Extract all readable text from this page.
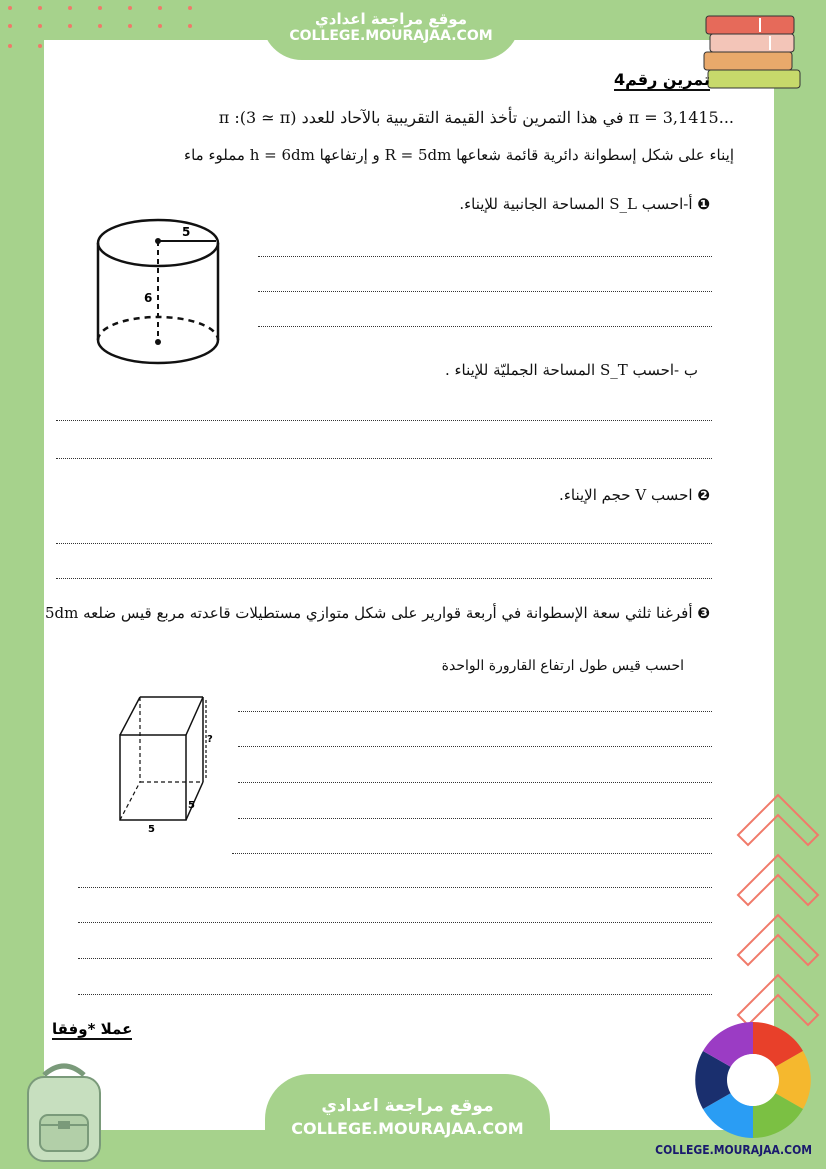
موقع مراجعة اعدادي
COLLEGE.MOURAJAA.COM
تمرين رقم4
...3,1415 = π في هذا التمرين تأخذ القيمة التقريبية بالآحاد للعدد π :(3 ≃ π)
إيناء على شكل إسطوانة دائرية قائمة شعاعها R = 5dm و إرتفاعها h = 6dm مملوء ماء
❶ أ-احسب S_L المساحة الجانبية للإيناء.
5
6
ب -احسب S_T المساحة الجمليّة للإيناء .
❷ احسب V حجم الإيناء.
❸ أفرغنا ثلثي سعة الإسطوانة في أربعة قوارير على شكل متوازي مستطيلات قاعدته مربع قيس ضلعه 5dm
احسب قيس طول ارتفاع القارورة الواحدة
?
5
5
عملا *وفقا
COLLEGE.MOURAJAA.COM
موقع مراجعة اعدادي
COLLEGE.MOURAJAA.COM
